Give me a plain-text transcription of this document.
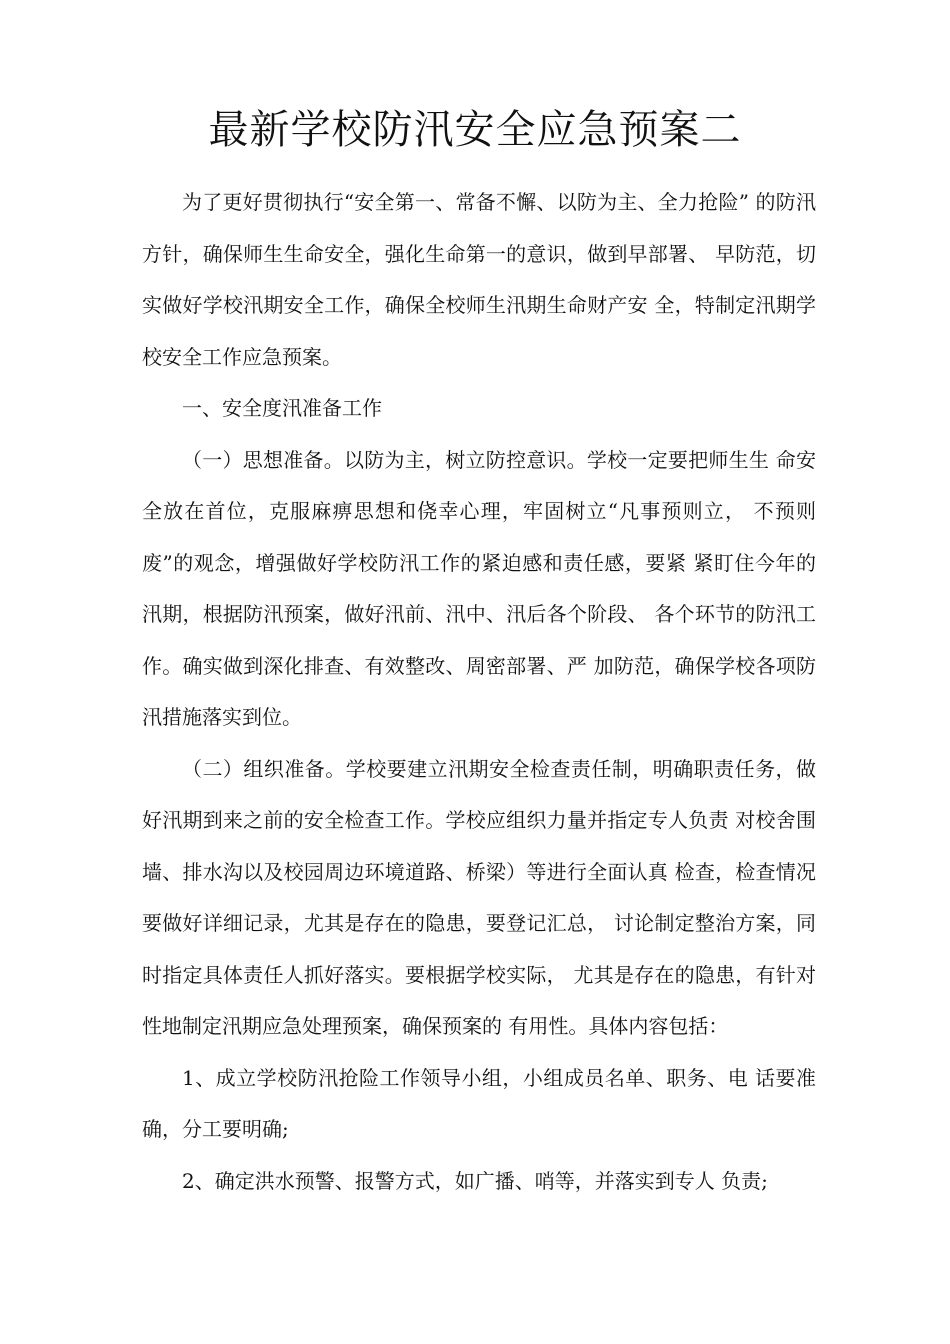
最新学校防汛安全应急预案二

为了更好贯彻执行“安全第一、常备不懈、以防为主、全力抢险” 的防汛方针，确保师生生命安全，强化生命第一的意识，做到早部署、 早防范，切实做好学校汛期安全工作，确保全校师生汛期生命财产安 全，特制定汛期学校安全工作应急预案。

一、安全度汛准备工作

（一）思想准备。以防为主，树立防控意识。学校一定要把师生生 命安全放在首位，克服麻痹思想和侥幸心理，牢固树立“凡事预则立， 不预则废”的观念，增强做好学校防汛工作的紧迫感和责任感，要紧 紧盯住今年的汛期，根据防汛预案，做好汛前、汛中、汛后各个阶段、 各个环节的防汛工作。确实做到深化排查、有效整改、周密部署、严 加防范，确保学校各项防汛措施落实到位。

（二）组织准备。学校要建立汛期安全检查责任制，明确职责任务，做好汛期到来之前的安全检查工作。学校应组织力量并指定专人负责 对校舍围墙、排水沟以及校园周边环境道路、桥梁）等进行全面认真 检查，检查情况要做好详细记录，尤其是存在的隐患，要登记汇总， 讨论制定整治方案，同时指定具体责任人抓好落实。要根据学校实际， 尤其是存在的隐患，有针对性地制定汛期应急处理预案，确保预案的 有用性。具体内容包括：

1、成立学校防汛抢险工作领导小组，小组成员名单、职务、电 话要准确，分工要明确;

2、确定洪水预警、报警方式，如广播、哨等，并落实到专人 负责;
